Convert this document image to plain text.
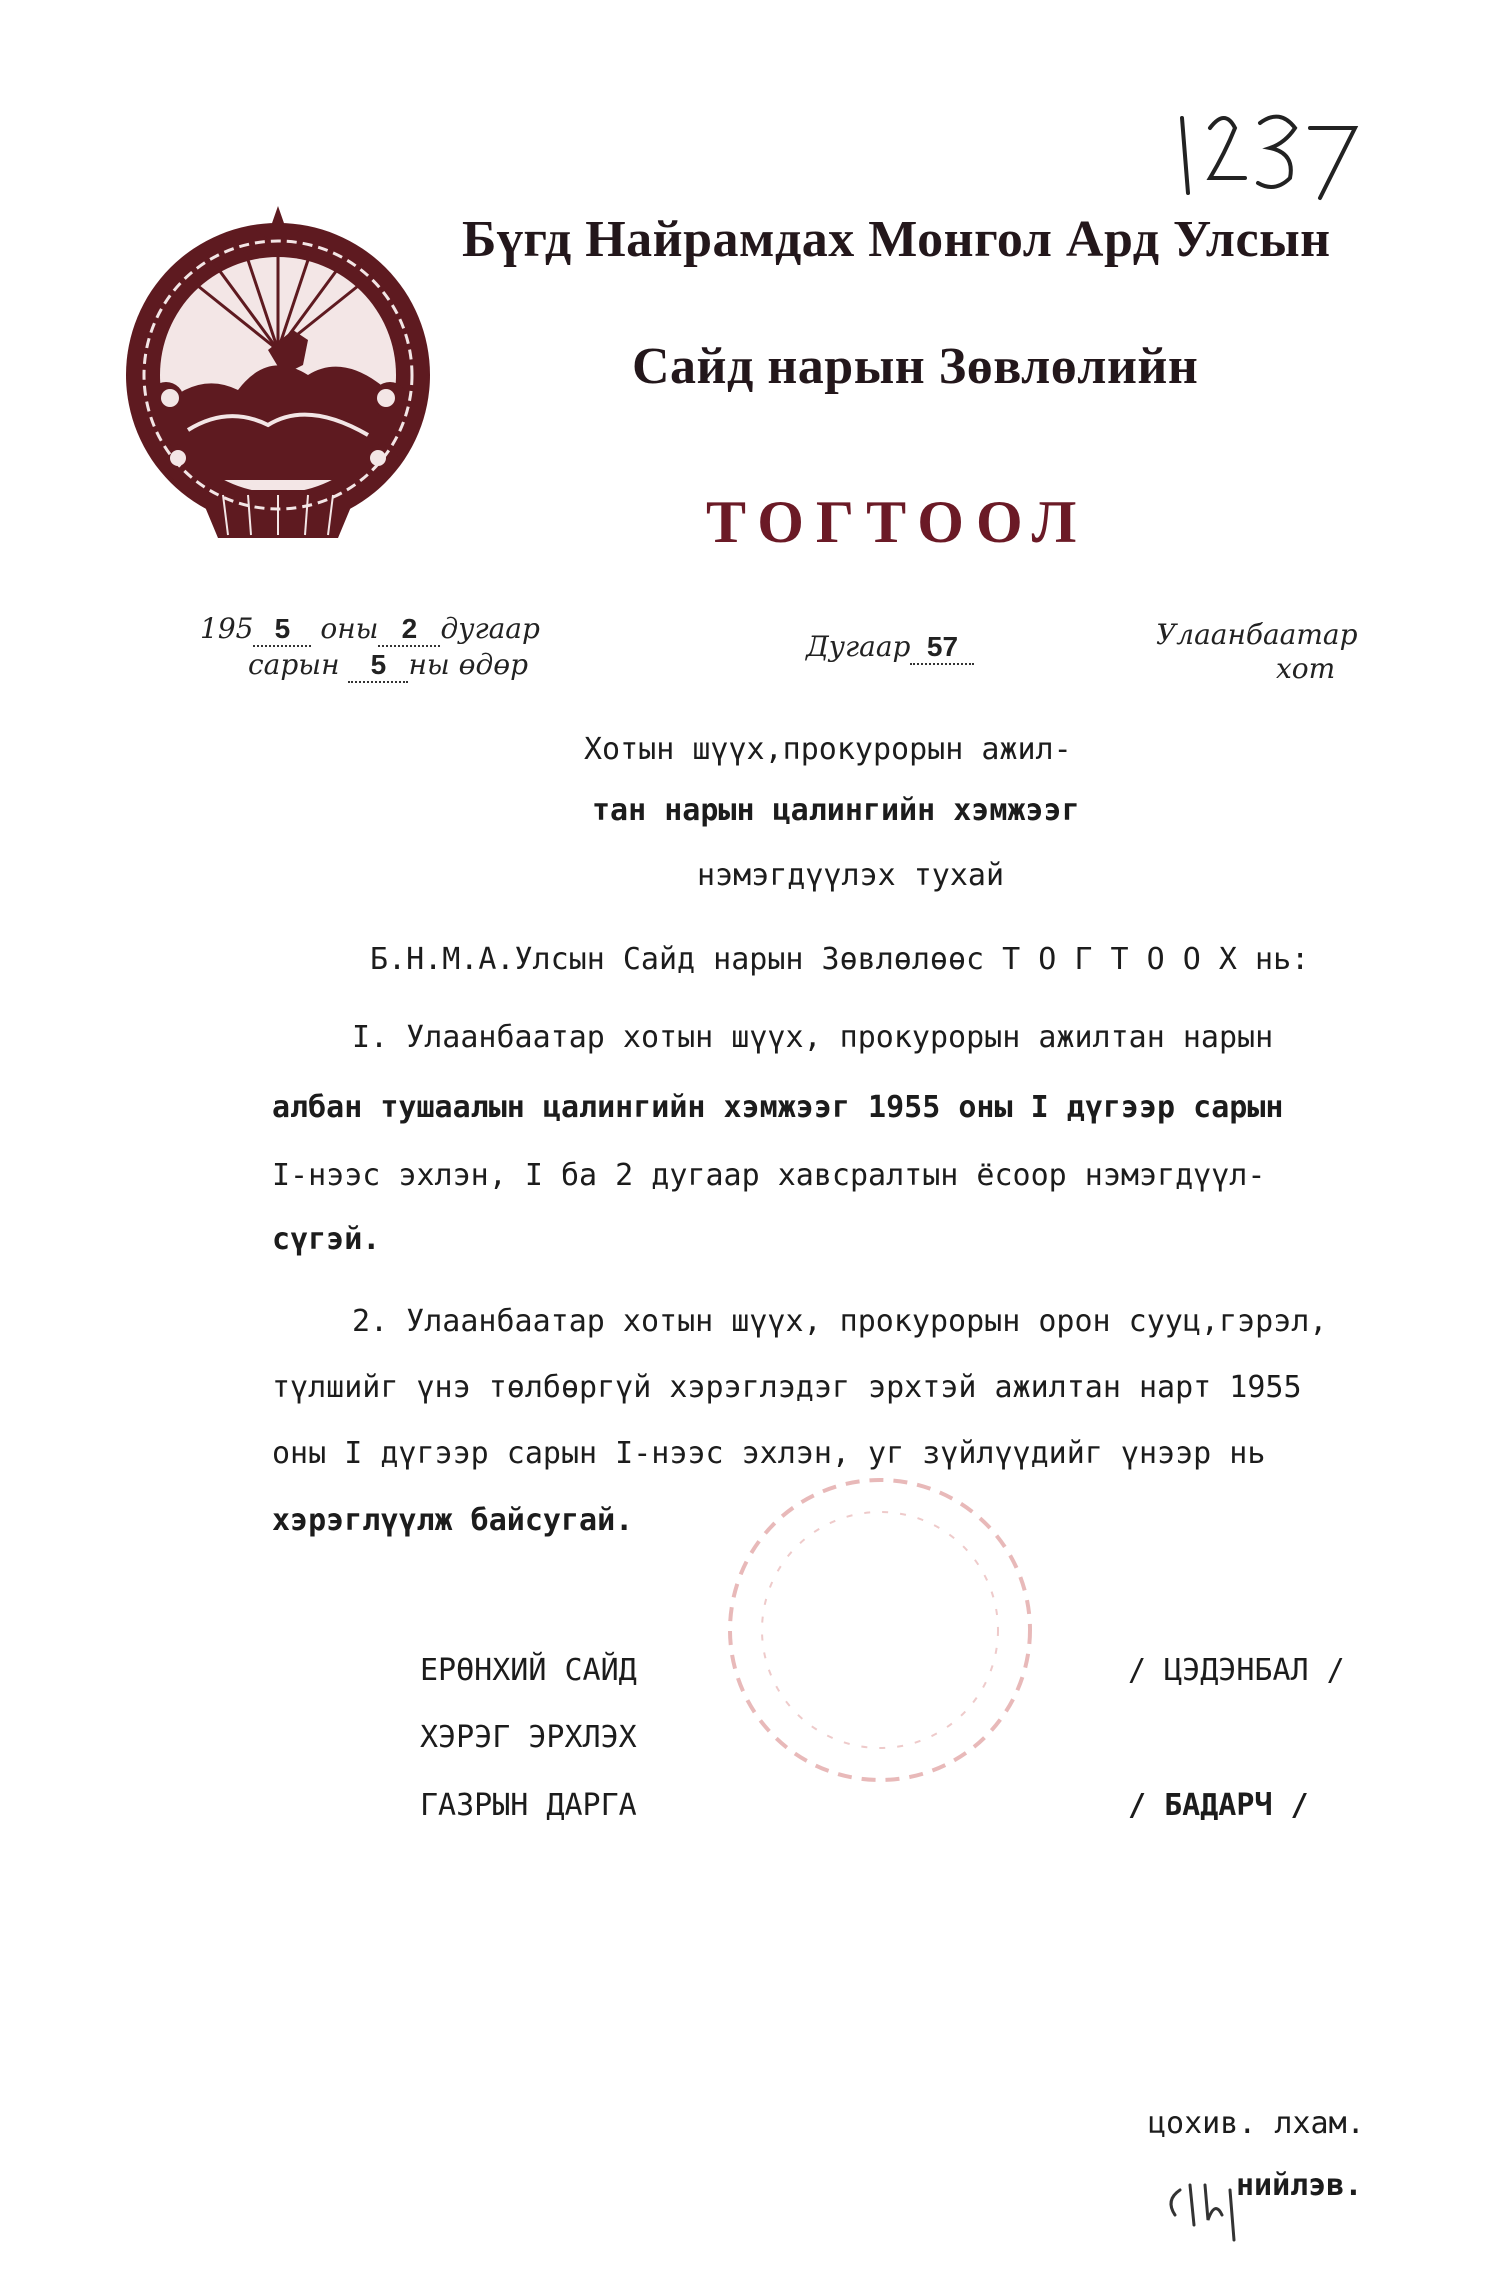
Бүгд Найрамдах Монгол Ард Улсын
Сайд нарын Зөвлөлийн
ТОГТООЛ
195 5 оны 2 дугаар
сарын 5 ны өдөр
Дугаар 57	Улаанбаатар
хот
Хотын шүүх,прокурорын ажил-
тан нарын цалингийн хэмжээг
нэмэгдүүлэх тухай
Б.Н.М.А.Улсын Сайд нарын Зөвлөлөөс Т О Г Т О О Х нь:
I. Улаанбаатар хотын шүүх, прокурорын ажилтан нарын
албан тушаалын цалингийн хэмжээг 1955 оны I дүгээр сарын
I-нээс эхлэн, I ба 2 дугаар хавсралтын ёсоор нэмэгдүүл-
сүгэй.
2. Улаанбаатар хотын шүүх, прокурорын орон сууц,гэрэл,
түлшийг үнэ төлбөргүй хэрэглэдэг эрхтэй ажилтан нарт 1955
оны I дүгээр сарын I-нээс эхлэн, уг зүйлүүдийг үнээр нь
хэрэглүүлж байсугай.
ЕРӨНХИЙ САЙД
ХЭРЭГ ЭРХЛЭХ
ГАЗРЫН ДАРГА
/ ЦЭДЭНБАЛ /
/ БАДАРЧ /
цохив. лхам.
нийлэв.
